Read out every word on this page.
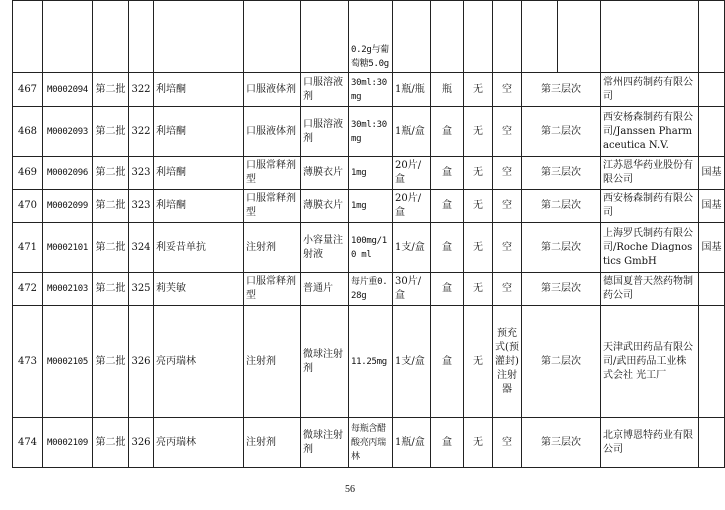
							0.2g与葡萄糖5.0g								
467	M0002094	第二批	322	利培酮	口服液体剂	口服溶液剂	30ml:30mg	1瓶/瓶	瓶	无	空	第三层次		常州四药制药有限公司	
468	M0002093	第二批	322	利培酮	口服液体剂	口服溶液剂	30ml:30mg	1瓶/盒	盒	无	空	第二层次		西安杨森制药有限公司/Janssen Pharmaceutica N.V.	
469	M0002096	第二批	323	利培酮	口服常释剂型	薄膜衣片	1mg	20片/盒	盒	无	空	第三层次		江苏恩华药业股份有限公司	国基
470	M0002099	第二批	323	利培酮	口服常释剂型	薄膜衣片	1mg	20片/盒	盒	无	空	第二层次		西安杨森制药有限公司	国基
471	M0002101	第二批	324	利妥昔单抗	注射剂	小容量注射液	100mg/10 ml	1支/盒	盒	无	空	第二层次		上海罗氏制药有限公司/Roche Diagnostics GmbH	国基
472	M0002103	第二批	325	莉芙敏	口服常释剂型	普通片	每片重0.28g	30片/盒	盒	无	空	第三层次		德国夏普天然药物制药公司	
473	M0002105	第二批	326	亮丙瑞林	注射剂	微球注射剂	11.25mg	1支/盒	盒	无	预充式(预灌封)注射器	第二层次		天津武田药品有限公司/武田药品工业株式会社 光工厂	
474	M0002109	第二批	326	亮丙瑞林	注射剂	微球注射剂	每瓶含醋酸亮丙瑞林	1瓶/盒	盒	无	空	第三层次		北京博恩特药业有限公司	
56
